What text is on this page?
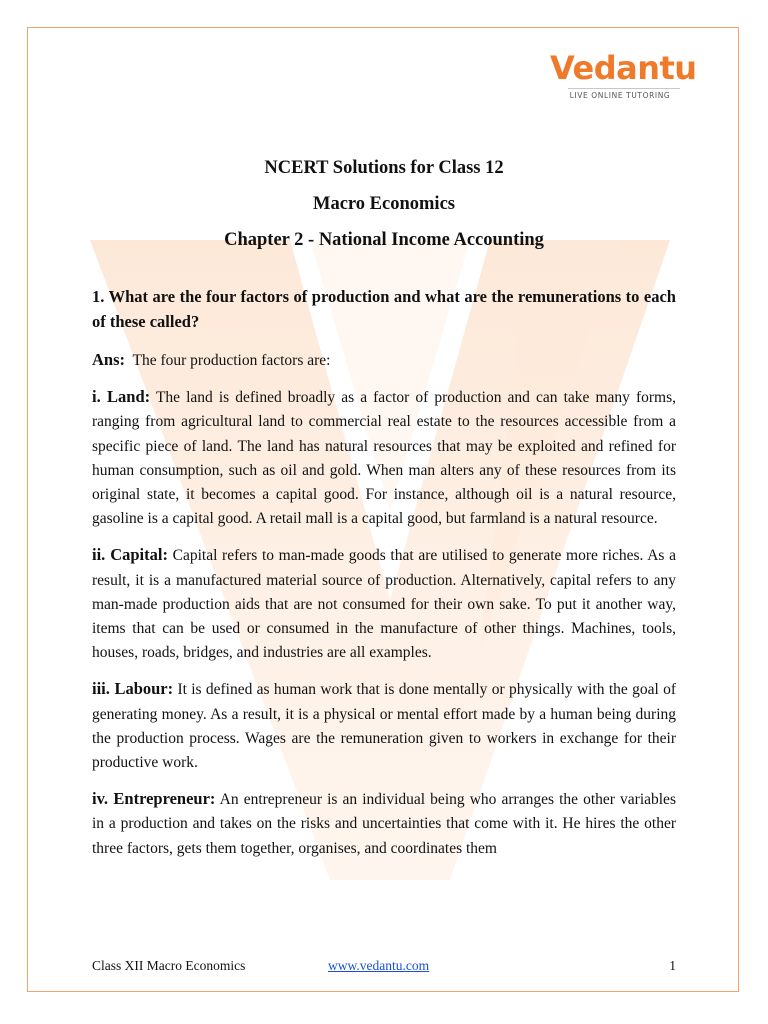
Vedantu
LIVE ONLINE TUTORING
NCERT Solutions for Class 12
Macro Economics
Chapter 2 - National Income Accounting

1. What are the four factors of production and what are the remunerations to each of these called?

Ans: The four production factors are:

i. Land: The land is defined broadly as a factor of production and can take many forms, ranging from agricultural land to commercial real estate to the resources accessible from a specific piece of land. The land has natural resources that may be exploited and refined for human consumption, such as oil and gold. When man alters any of these resources from its original state, it becomes a capital good. For instance, although oil is a natural resource, gasoline is a capital good. A retail mall is a capital good, but farmland is a natural resource.

ii. Capital: Capital refers to man-made goods that are utilised to generate more riches. As a result, it is a manufactured material source of production. Alternatively, capital refers to any man-made production aids that are not consumed for their own sake. To put it another way, items that can be used or consumed in the manufacture of other things. Machines, tools, houses, roads, bridges, and industries are all examples.

iii. Labour: It is defined as human work that is done mentally or physically with the goal of generating money. As a result, it is a physical or mental effort made by a human being during the production process. Wages are the remuneration given to workers in exchange for their productive work.

iv. Entrepreneur: An entrepreneur is an individual being who arranges the other variables in a production and takes on the risks and uncertainties that come with it. He hires the other three factors, gets them together, organises, and coordinates them

Class XII Macro Economics	www.vedantu.com	1
